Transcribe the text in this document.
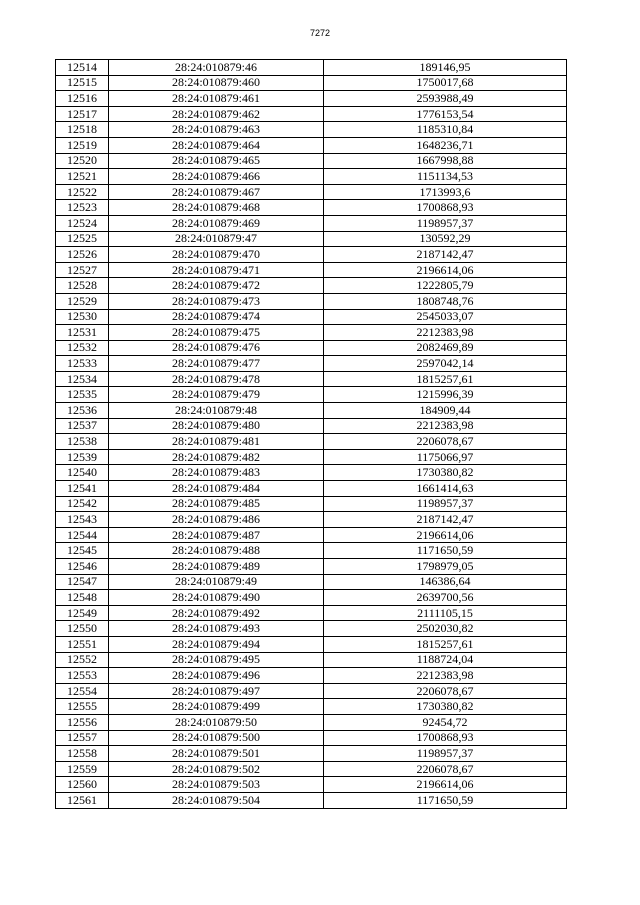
7272
12514	28:24:010879:46	189146,95
12515	28:24:010879:460	1750017,68
12516	28:24:010879:461	2593988,49
12517	28:24:010879:462	1776153,54
12518	28:24:010879:463	1185310,84
12519	28:24:010879:464	1648236,71
12520	28:24:010879:465	1667998,88
12521	28:24:010879:466	1151134,53
12522	28:24:010879:467	1713993,6
12523	28:24:010879:468	1700868,93
12524	28:24:010879:469	1198957,37
12525	28:24:010879:47	130592,29
12526	28:24:010879:470	2187142,47
12527	28:24:010879:471	2196614,06
12528	28:24:010879:472	1222805,79
12529	28:24:010879:473	1808748,76
12530	28:24:010879:474	2545033,07
12531	28:24:010879:475	2212383,98
12532	28:24:010879:476	2082469,89
12533	28:24:010879:477	2597042,14
12534	28:24:010879:478	1815257,61
12535	28:24:010879:479	1215996,39
12536	28:24:010879:48	184909,44
12537	28:24:010879:480	2212383,98
12538	28:24:010879:481	2206078,67
12539	28:24:010879:482	1175066,97
12540	28:24:010879:483	1730380,82
12541	28:24:010879:484	1661414,63
12542	28:24:010879:485	1198957,37
12543	28:24:010879:486	2187142,47
12544	28:24:010879:487	2196614,06
12545	28:24:010879:488	1171650,59
12546	28:24:010879:489	1798979,05
12547	28:24:010879:49	146386,64
12548	28:24:010879:490	2639700,56
12549	28:24:010879:492	2111105,15
12550	28:24:010879:493	2502030,82
12551	28:24:010879:494	1815257,61
12552	28:24:010879:495	1188724,04
12553	28:24:010879:496	2212383,98
12554	28:24:010879:497	2206078,67
12555	28:24:010879:499	1730380,82
12556	28:24:010879:50	92454,72
12557	28:24:010879:500	1700868,93
12558	28:24:010879:501	1198957,37
12559	28:24:010879:502	2206078,67
12560	28:24:010879:503	2196614,06
12561	28:24:010879:504	1171650,59
